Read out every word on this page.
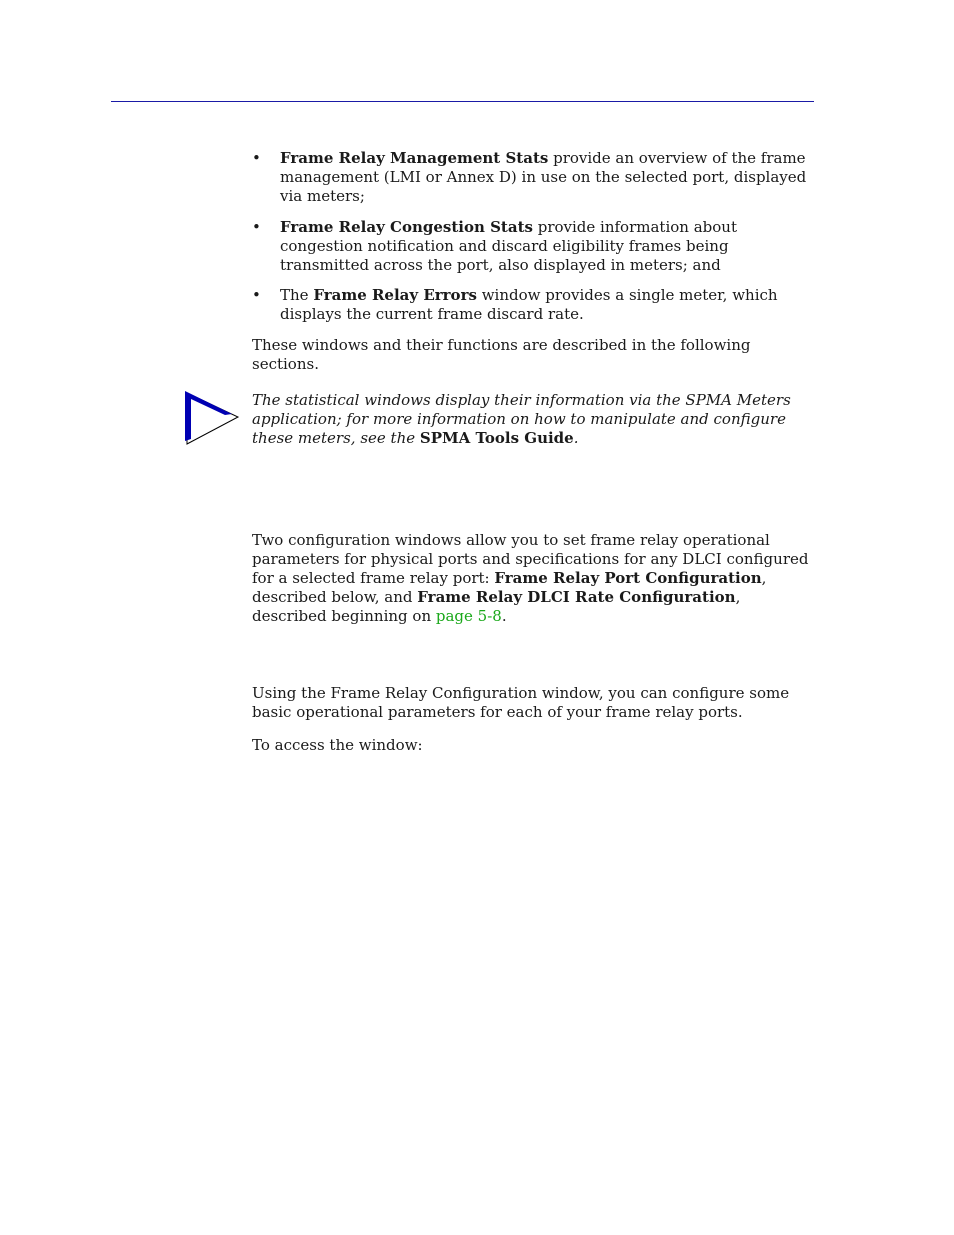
•	Frame Relay Management Stats provide an overview of the frame management (LMI or Annex D) in use on the selected port, displayed via meters;
•	Frame Relay Congestion Stats provide information about congestion notification and discard eligibility frames being transmitted across the port, also displayed in meters; and
•	The Frame Relay Errors window provides a single meter, which displays the current frame discard rate.
These windows and their functions are described in the following sections.
The statistical windows display their information via the SPMA Meters application; for more information on how to manipulate and configure these meters, see the SPMA Tools Guide.
Two configuration windows allow you to set frame relay operational parameters for physical ports and specifications for any DLCI configured for a selected frame relay port: Frame Relay Port Configuration, described below, and Frame Relay DLCI Rate Configuration, described beginning on page 5-8.
Using the Frame Relay Configuration window, you can configure some basic operational parameters for each of your frame relay ports.
To access the window:
